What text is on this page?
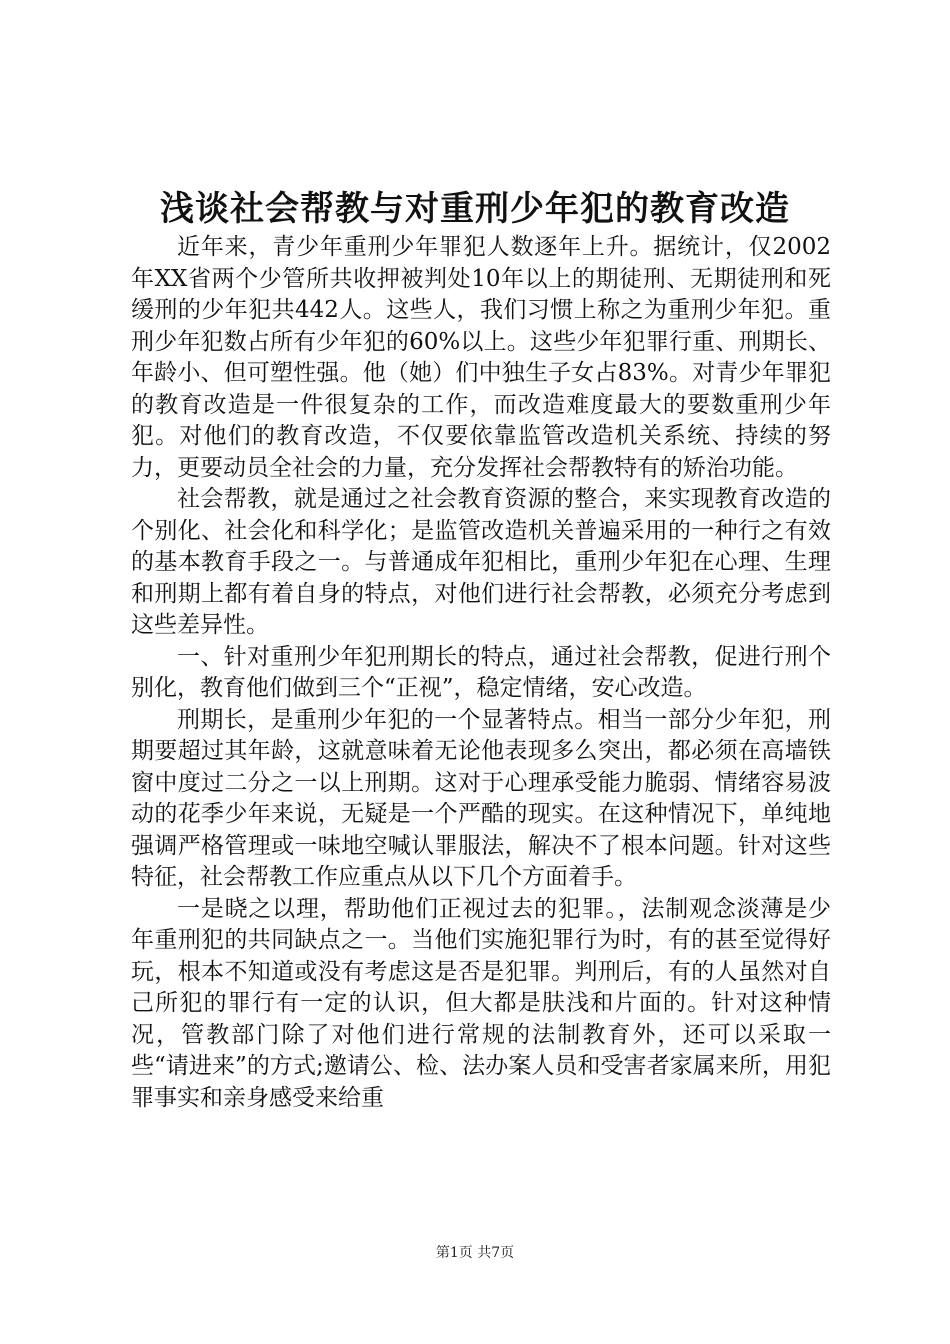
浅谈社会帮教与对重刑少年犯的教育改造

近年来，青少年重刑少年罪犯人数逐年上升。据统计，仅2002年XX省两个少管所共收押被判处10年以上的期徒刑、无期徒刑和死缓刑的少年犯共442人。这些人，我们习惯上称之为重刑少年犯。重刑少年犯数占所有少年犯的60%以上。这些少年犯罪行重、刑期长、年龄小、但可塑性强。他（她）们中独生子女占83%。对青少年罪犯的教育改造是一件很复杂的工作，而改造难度最大的要数重刑少年犯。对他们的教育改造，不仅要依靠监管改造机关系统、持续的努力，更要动员全社会的力量，充分发挥社会帮教特有的矫治功能。

社会帮教，就是通过之社会教育资源的整合，来实现教育改造的个别化、社会化和科学化；是监管改造机关普遍采用的一种行之有效的基本教育手段之一。与普通成年犯相比，重刑少年犯在心理、生理和刑期上都有着自身的特点，对他们进行社会帮教，必须充分考虑到这些差异性。

一、针对重刑少年犯刑期长的特点，通过社会帮教，促进行刑个别化，教育他们做到三个“正视”，稳定情绪，安心改造。

刑期长，是重刑少年犯的一个显著特点。相当一部分少年犯，刑期要超过其年龄，这就意味着无论他表现多么突出，都必须在高墙铁窗中度过二分之一以上刑期。这对于心理承受能力脆弱、情绪容易波动的花季少年来说，无疑是一个严酷的现实。在这种情况下，单纯地强调严格管理或一味地空喊认罪服法，解决不了根本问题。针对这些特征，社会帮教工作应重点从以下几个方面着手。

一是晓之以理，帮助他们正视过去的犯罪。，法制观念淡薄是少年重刑犯的共同缺点之一。当他们实施犯罪行为时，有的甚至觉得好玩，根本不知道或没有考虑这是否是犯罪。判刑后，有的人虽然对自己所犯的罪行有一定的认识，但大都是肤浅和片面的。针对这种情况，管教部门除了对他们进行常规的法制教育外，还可以采取一些“请进来”的方式;邀请公、检、法办案人员和受害者家属来所，用犯罪事实和亲身感受来给重

第1页 共7页
